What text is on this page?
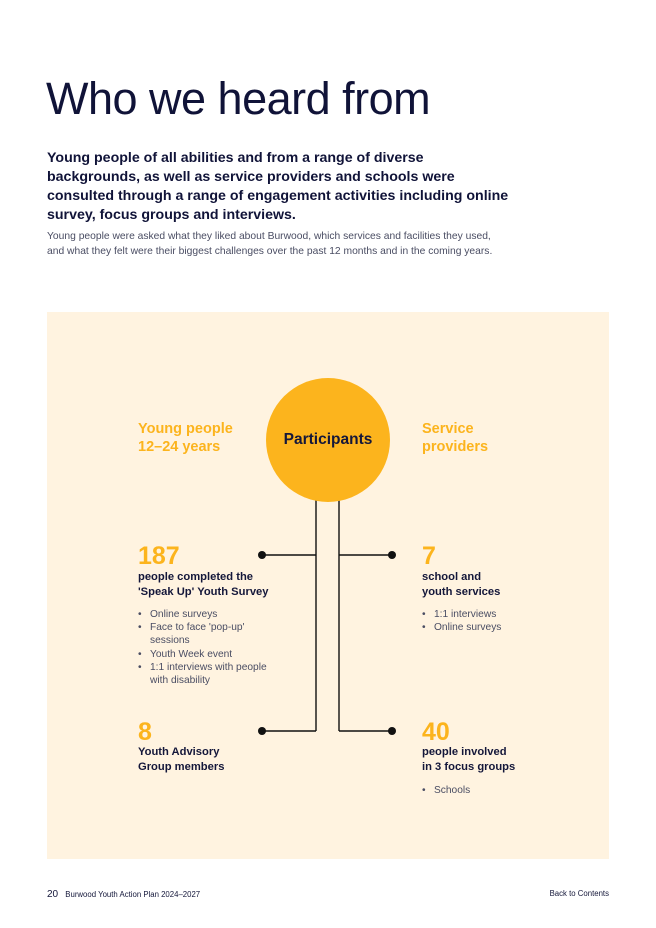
Who we heard from

Young people of all abilities and from a range of diverse backgrounds, as well as service providers and schools were consulted through a range of engagement activities including online survey, focus groups and interviews.

Young people were asked what they liked about Burwood, which services and facilities they used, and what they felt were their biggest challenges over the past 12 months and in the coming years.

Participants

Young people
12–24 years

Service
providers

187

people completed the
'Speak Up' Youth Survey

• Online surveys
• Face to face 'pop-up' sessions
• Youth Week event
• 1:1 interviews with people with disability

8

Youth Advisory
Group members

7

school and
youth services

• 1:1 interviews
• Online surveys

40

people involved
in 3 focus groups

• Schools
20 Burwood Youth Action Plan 2024–2027	Back to Contents
